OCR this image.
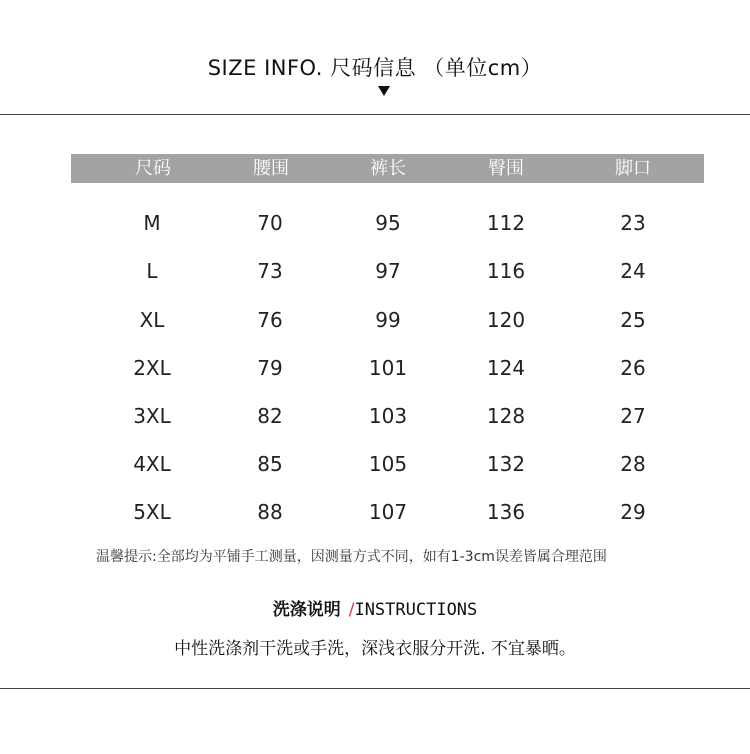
SIZE INFO. 尺码信息 （单位cm）
尺码	腰围	裤长	臀围	脚口
M	70	95	112	23
L	73	97	116	24
XL	76	99	120	25
2XL	79	101	124	26
3XL	82	103	128	27
4XL	85	105	132	28
5XL	88	107	136	29
温馨提示:全部均为平铺手工测量，因测量方式不同，如有1-3cm误差皆属合理范围
洗涤说明 /INSTRUCTIONS
中性洗涤剂干洗或手洗，深浅衣服分开洗. 不宜暴晒。
